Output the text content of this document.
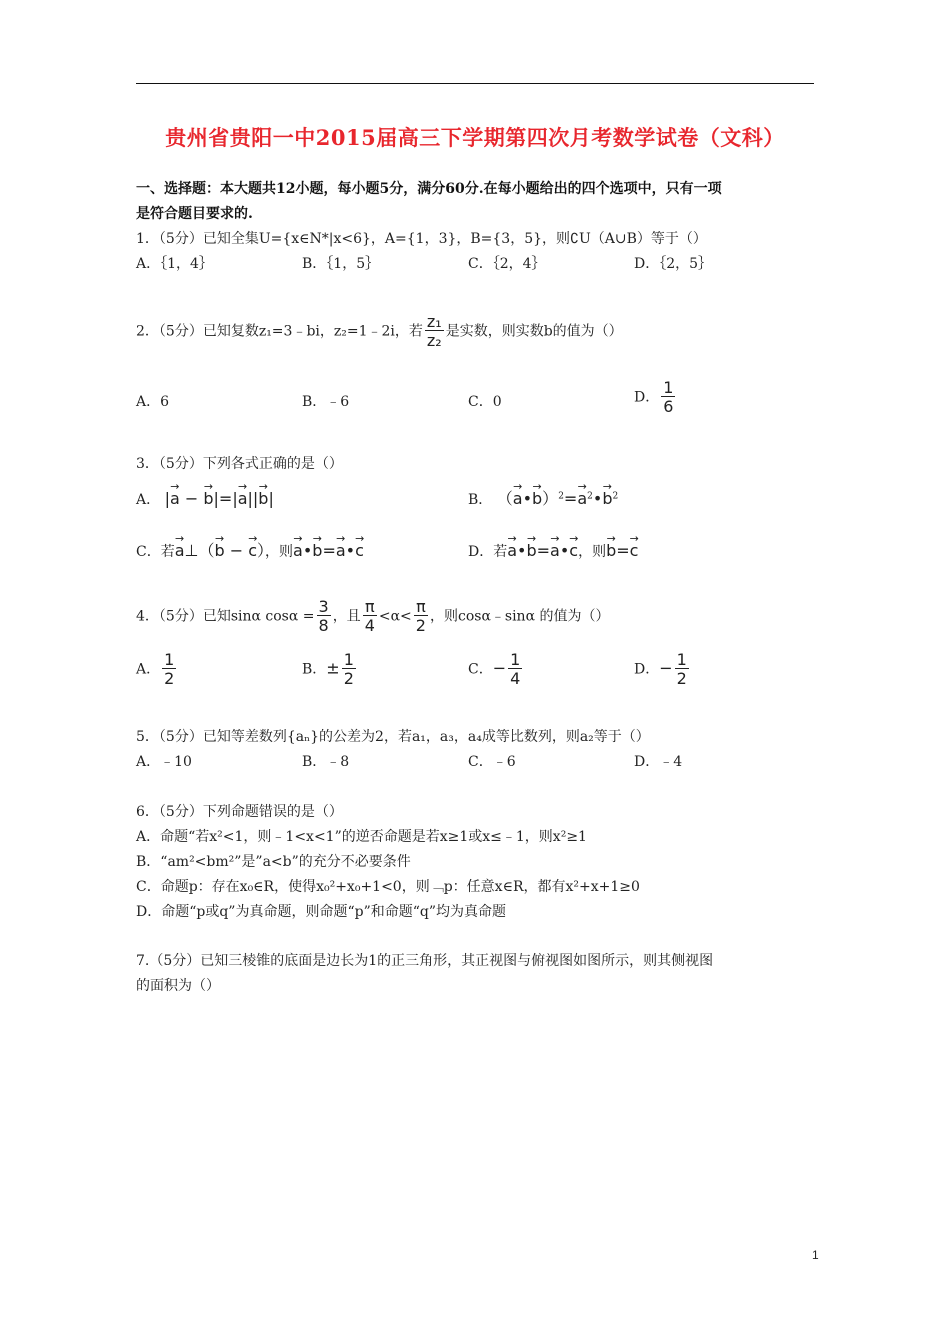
贵州省贵阳一中2015届高三下学期第四次月考数学试卷（文科）
一、选择题：本大题共12小题，每小题5分，满分60分.在每小题给出的四个选项中，只有一项
是符合题目要求的.
1．（5分）已知全集U={x∈N*|x<6}，A={1，3}，B={3，5}，则∁U（A∪B）等于（）
A．｛1，4｝	B．｛1，5｝	C．｛2，4｝	D．｛2，5｝
2．（5分）已知复数z₁=3﹣bi，z₂=1﹣2i，若 $\frac{\text{z₁}}{\text{z₂}}$ 是实数，则实数b的值为（）
A．6	B．﹣6	C．0	D． $\frac{1}{6}$
3．（5分）下列各式正确的是（）
A． |→ a − → b|=|→ a||→ b|	B． （→ a•→ $b)^2=\to a^2•\to b^2$
C．若→ a⊥（→ b − → c），则→ a•→ b=→ a•→ c	D．若→ a•→ b=→ a•→ c，则→ b=→ c
4．（5分）已知sinα $\cos\alpha = \frac{3}{8}$ ，且 $\frac{\pi}{4} <\alpha< \frac{\pi}{2}$ ，则cosα﹣sinα 的值为（）
A． $\frac{1}{2}$	B．± $\frac{1}{2}$	C．− $\frac{1}{4}$	D．− $\frac{1}{2}$
5．（5分）已知等差数列{aₙ}的公差为2，若a₁，a₃，a₄成等比数列，则a₂等于（）
A．﹣10	B．﹣8	C．﹣6	D．﹣4
6．（5分）下列命题错误的是（）
A．命题“若x²<1，则﹣1<x<1”的逆否命题是若x≥1或x≤﹣1，则x²≥1
B．“am²<bm²”是”a<b”的充分不必要条件
C．命题p：存在x₀∈R，使得x₀²+x₀+1<0，则﹁p：任意x∈R，都有x²+x+1≥0
D．命题“p或q”为真命题，则命题“p”和命题“q”均为真命题
7.（5分）已知三棱锥的底面是边长为1的正三角形，其正视图与俯视图如图所示，则其侧视图
的面积为（）
1
